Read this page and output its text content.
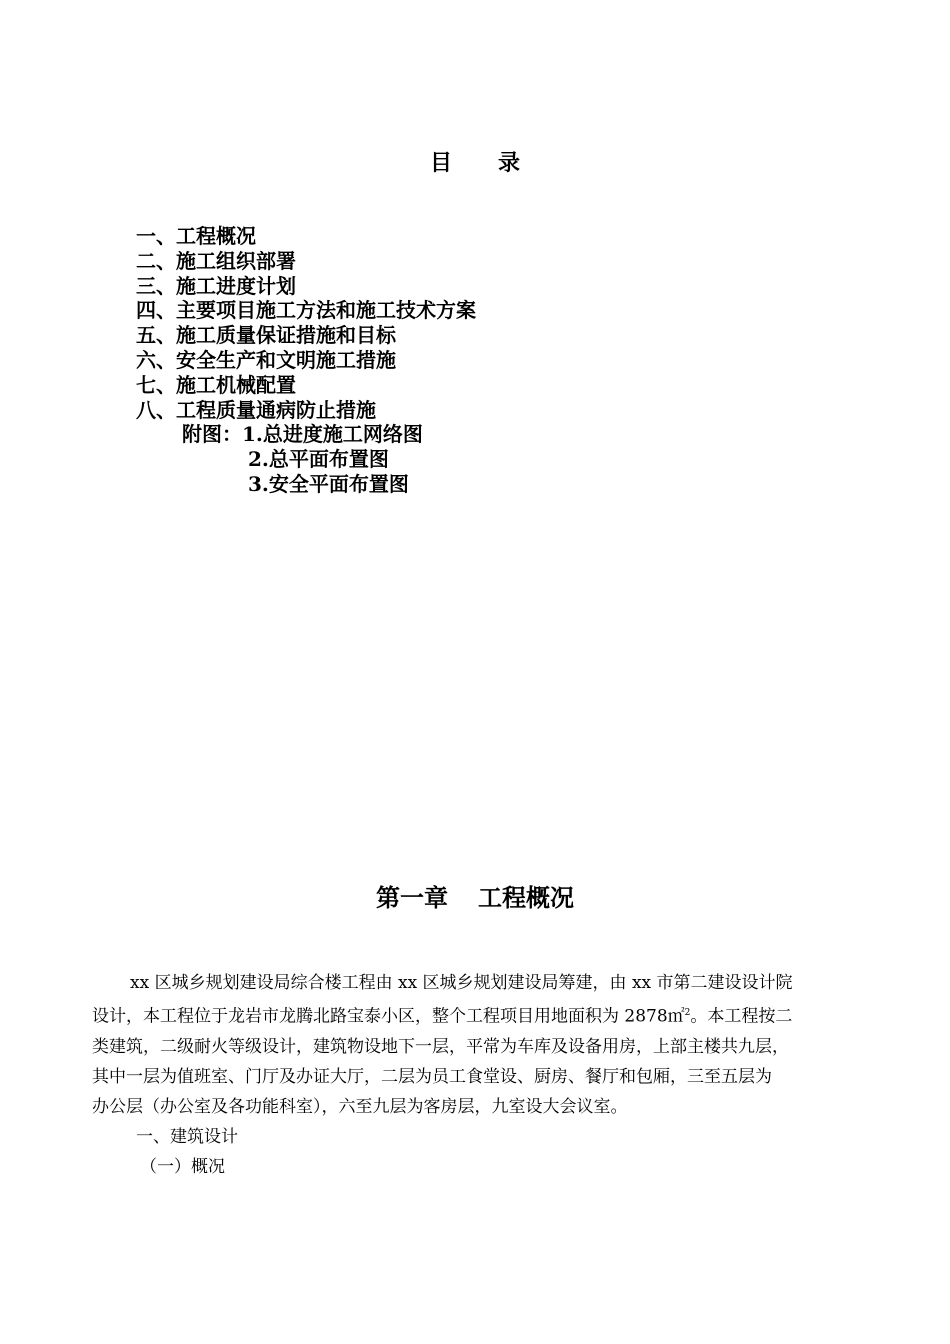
目 录
一、工程概况
二、施工组织部署
三、施工进度计划
四、主要项目施工方法和施工技术方案
五、施工质量保证措施和目标
六、安全生产和文明施工措施
七、施工机械配置
八、工程质量通病防止措施
附图：1.总进度施工网络图
2.总平面布置图
3.安全平面布置图
第一章 工程概况

xx 区城乡规划建设局综合楼工程由 xx 区城乡规划建设局筹建，由 xx 市第二建设设计院

设计，本工程位于龙岩市龙腾北路宝泰小区，整个工程项目用地面积为 2878㎡$^2$。本工程按二

类建筑，二级耐火等级设计，建筑物设地下一层，平常为车库及设备用房，上部主楼共九层，

其中一层为值班室、门厅及办证大厅，二层为员工食堂设、厨房、餐厅和包厢，三至五层为

办公层（办公室及各功能科室），六至九层为客房层，九室设大会议室。

一、建筑设计

（一）概况
